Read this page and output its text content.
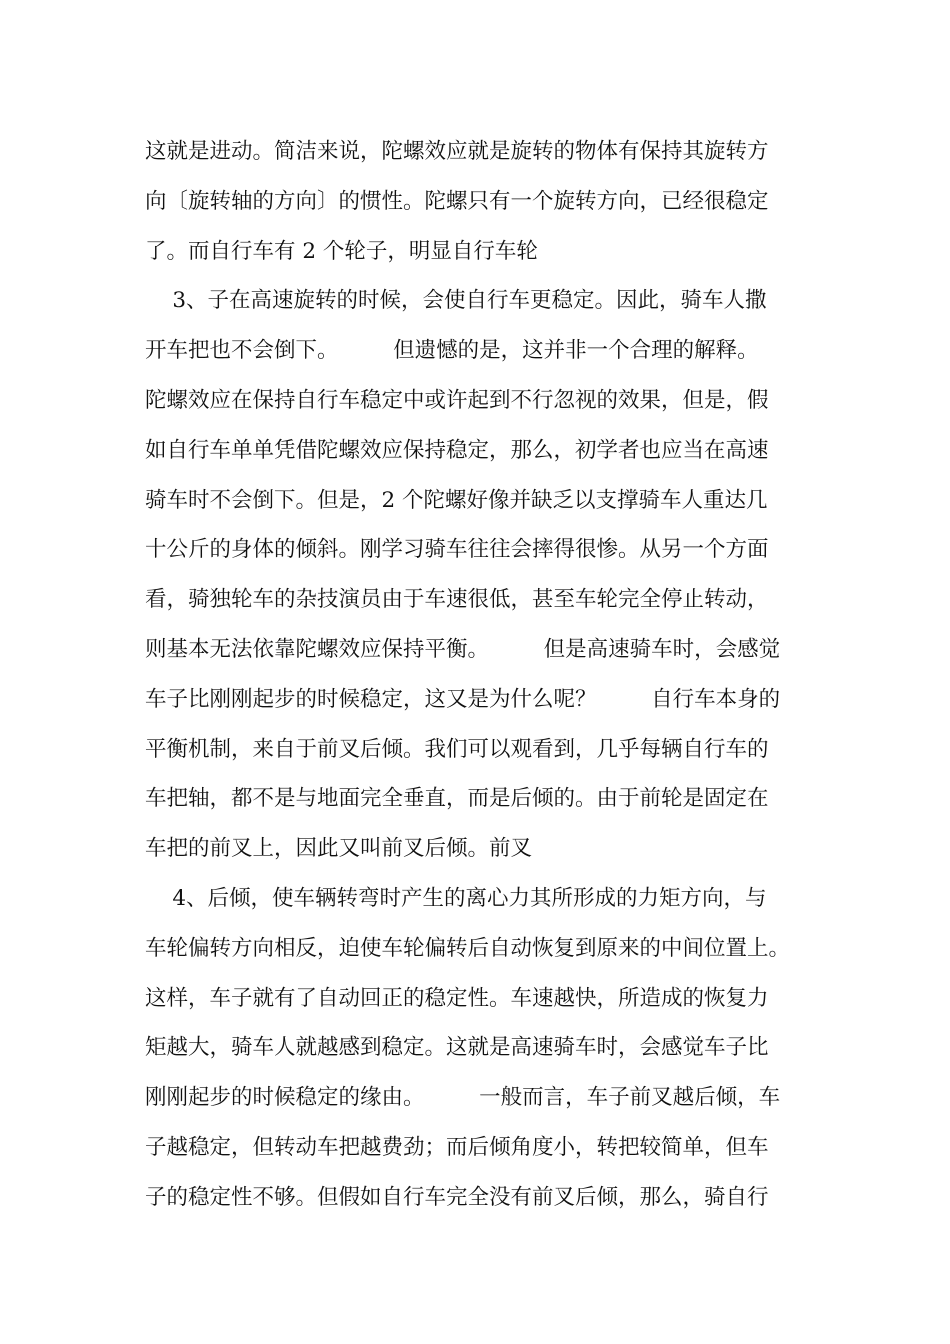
这就是进动。简洁来说，陀螺效应就是旋转的物体有保持其旋转方
向〔旋转轴的方向〕的惯性。陀螺只有一个旋转方向，已经很稳定
了。而自行车有 2 个轮子，明显自行车轮
3、子在高速旋转的时候，会使自行车更稳定。因此，骑车人撒
开车把也不会倒下。        但遗憾的是，这并非一个合理的解释。
陀螺效应在保持自行车稳定中或许起到不行忽视的效果，但是，假
如自行车单单凭借陀螺效应保持稳定，那么，初学者也应当在高速
骑车时不会倒下。但是，2 个陀螺好像并缺乏以支撑骑车人重达几
十公斤的身体的倾斜。刚学习骑车往往会摔得很惨。从另一个方面
看，骑独轮车的杂技演员由于车速很低，甚至车轮完全停止转动，
则基本无法依靠陀螺效应保持平衡。        但是高速骑车时，会感觉
车子比刚刚起步的时候稳定，这又是为什么呢？        自行车本身的
平衡机制，来自于前叉后倾。我们可以观看到，几乎每辆自行车的
车把轴，都不是与地面完全垂直，而是后倾的。由于前轮是固定在
车把的前叉上，因此又叫前叉后倾。前叉
4、后倾，使车辆转弯时产生的离心力其所形成的力矩方向，与
车轮偏转方向相反，迫使车轮偏转后自动恢复到原来的中间位置上。
这样，车子就有了自动回正的稳定性。车速越快，所造成的恢复力
矩越大，骑车人就越感到稳定。这就是高速骑车时，会感觉车子比
刚刚起步的时候稳定的缘由。        一般而言，车子前叉越后倾，车
子越稳定，但转动车把越费劲；而后倾角度小，转把较简单，但车
子的稳定性不够。但假如自行车完全没有前叉后倾，那么，骑自行
